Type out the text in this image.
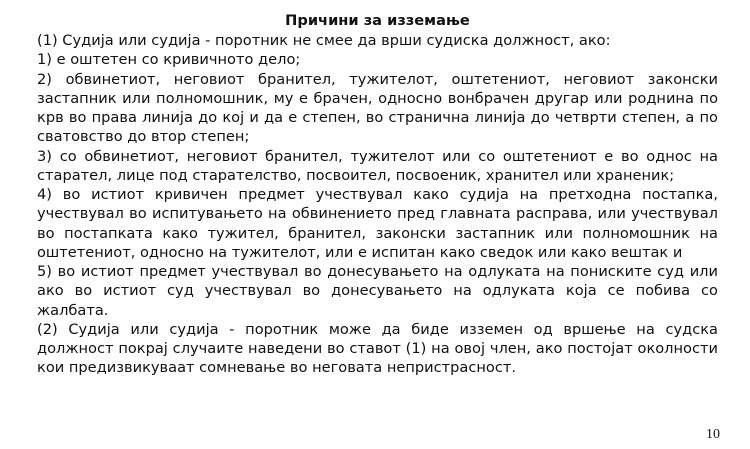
Причини за изземање

(1) Судија или судија - поротник не смее да врши судиска должност, ако:

1) е оштетен со кривичното дело;

2) обвинетиот, неговиот бранител, тужителот, оштетениот, неговиот законски застапник или полномошник, му е брачен, односно вонбрачен другар или роднина по крв во права линија до кој и да е степен, во странична линија до четврти степен, а по сватовство до втор степен;

3) со обвинетиот, неговиот бранител, тужителот или со оштетениот е во однос на старател, лице под старателство, посвоител, посвоеник, хранител или храненик;

4) во истиот кривичен предмет учествувал како судија на претходна постапка, учествувал во испитувањето на обвинението пред главната расправа, или учествувал во постапката како тужител, бранител, законски застапник или полномошник на оштетениот, односно на тужителот, или е испитан како сведок или како вештак и

5) во истиот предмет учествувал во донесувањето на одлуката на пониските суд или ако во истиот суд учествувал во донесувањето на одлуката која се побива со жалбата.

(2) Судија или судија - поротник може да биде изземен од вршење на судска должност покрај случаите наведени во ставот (1) на овој член, ако постојат околности кои предизвикуваат сомневање во неговата непристрасност.

10
